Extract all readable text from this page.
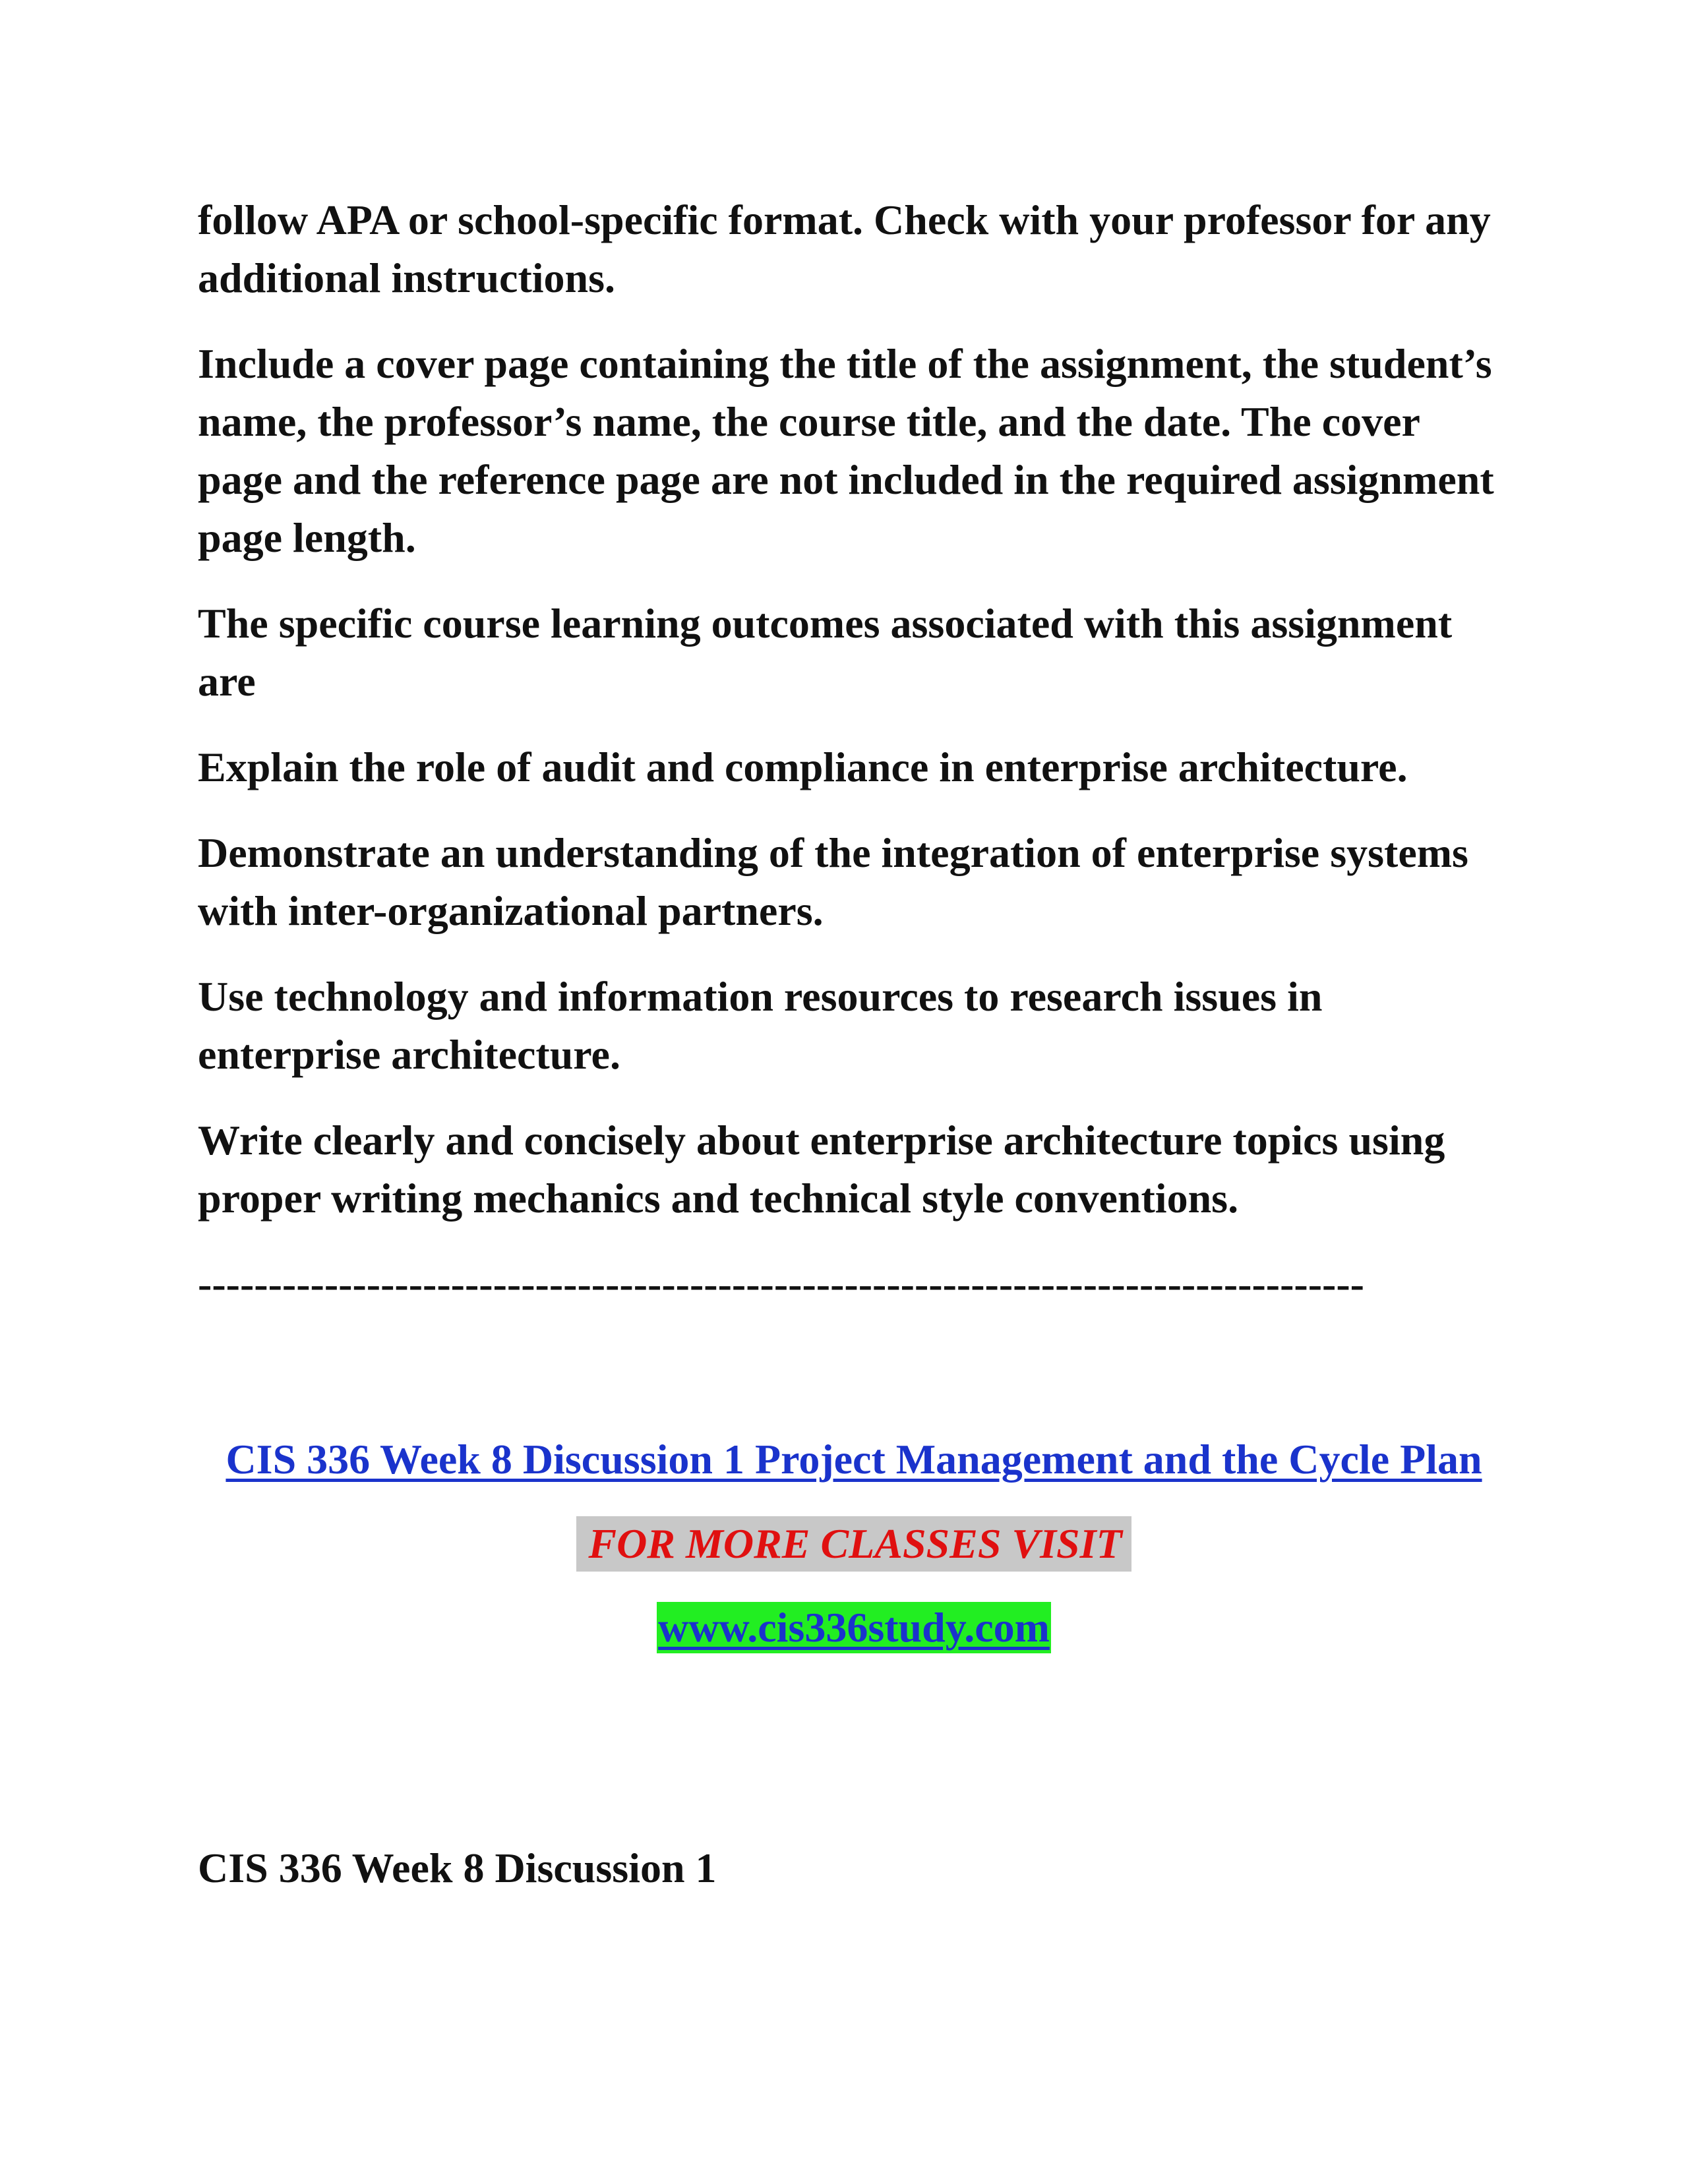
follow APA or school-specific format. Check with your professor for any additional instructions.

Include a cover page containing the title of the assignment, the student’s name, the professor’s name, the course title, and the date. The cover page and the reference page are not included in the required assignment page length.

The specific course learning outcomes associated with this assignment are

Explain the role of audit and compliance in enterprise architecture.

Demonstrate an understanding of the integration of enterprise systems with inter-organizational partners.

Use technology and information resources to research issues in enterprise architecture.

Write clearly and concisely about enterprise architecture topics using proper writing mechanics and technical style conventions.

-----------------------------------------------------------------------------------

CIS 336 Week 8 Discussion 1 Project Management and the Cycle Plan

FOR MORE CLASSES VISIT

www.cis336study.com

CIS 336 Week 8 Discussion 1
